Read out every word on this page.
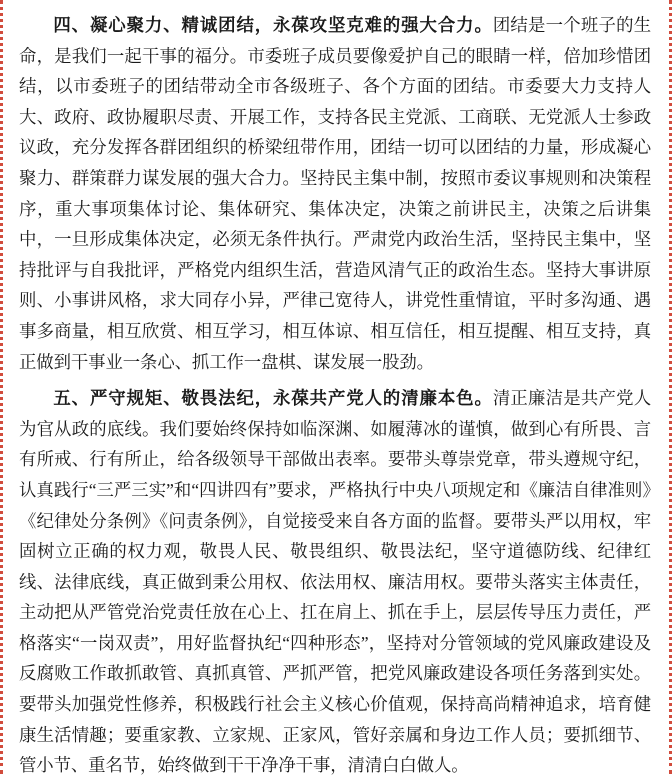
四、凝心聚力、精诚团结，永葆攻坚克难的强大合力。团结是一个班子的生命，是我们一起干事的福分。市委班子成员要像爱护自己的眼睛一样，倍加珍惜团结，以市委班子的团结带动全市各级班子、各个方面的团结。市委要大力支持人大、政府、政协履职尽责、开展工作，支持各民主党派、工商联、无党派人士参政议政，充分发挥各群团组织的桥梁纽带作用，团结一切可以团结的力量，形成凝心聚力、群策群力谋发展的强大合力。坚持民主集中制，按照市委议事规则和决策程序，重大事项集体讨论、集体研究、集体决定，决策之前讲民主，决策之后讲集中，一旦形成集体决定，必须无条件执行。严肃党内政治生活，坚持民主集中，坚持批评与自我批评，严格党内组织生活，营造风清气正的政治生态。坚持大事讲原则、小事讲风格，求大同存小异，严律己宽待人，讲党性重情谊，平时多沟通、遇事多商量，相互欣赏、相互学习，相互体谅、相互信任，相互提醒、相互支持，真正做到干事业一条心、抓工作一盘棋、谋发展一股劲。

五、严守规矩、敬畏法纪，永葆共产党人的清廉本色。清正廉洁是共产党人为官从政的底线。我们要始终保持如临深渊、如履薄冰的谨慎，做到心有所畏、言有所戒、行有所止，给各级领导干部做出表率。要带头尊崇党章，带头遵规守纪，认真践行“三严三实”和“四讲四有”要求，严格执行中央八项规定和《廉洁自律准则》《纪律处分条例》《问责条例》，自觉接受来自各方面的监督。要带头严以用权，牢固树立正确的权力观，敬畏人民、敬畏组织、敬畏法纪，坚守道德防线、纪律红线、法律底线，真正做到秉公用权、依法用权、廉洁用权。要带头落实主体责任，主动把从严管党治党责任放在心上、扛在肩上、抓在手上，层层传导压力责任，严格落实“一岗双责”，用好监督执纪“四种形态”，坚持对分管领域的党风廉政建设及反腐败工作敢抓敢管、真抓真管、严抓严管，把党风廉政建设各项任务落到实处。要带头加强党性修养，积极践行社会主义核心价值观，保持高尚精神追求，培育健康生活情趣；要重家教、立家规、正家风，管好亲属和身边工作人员；要抓细节、管小节、重名节，始终做到干干净净干事，清清白白做人。
